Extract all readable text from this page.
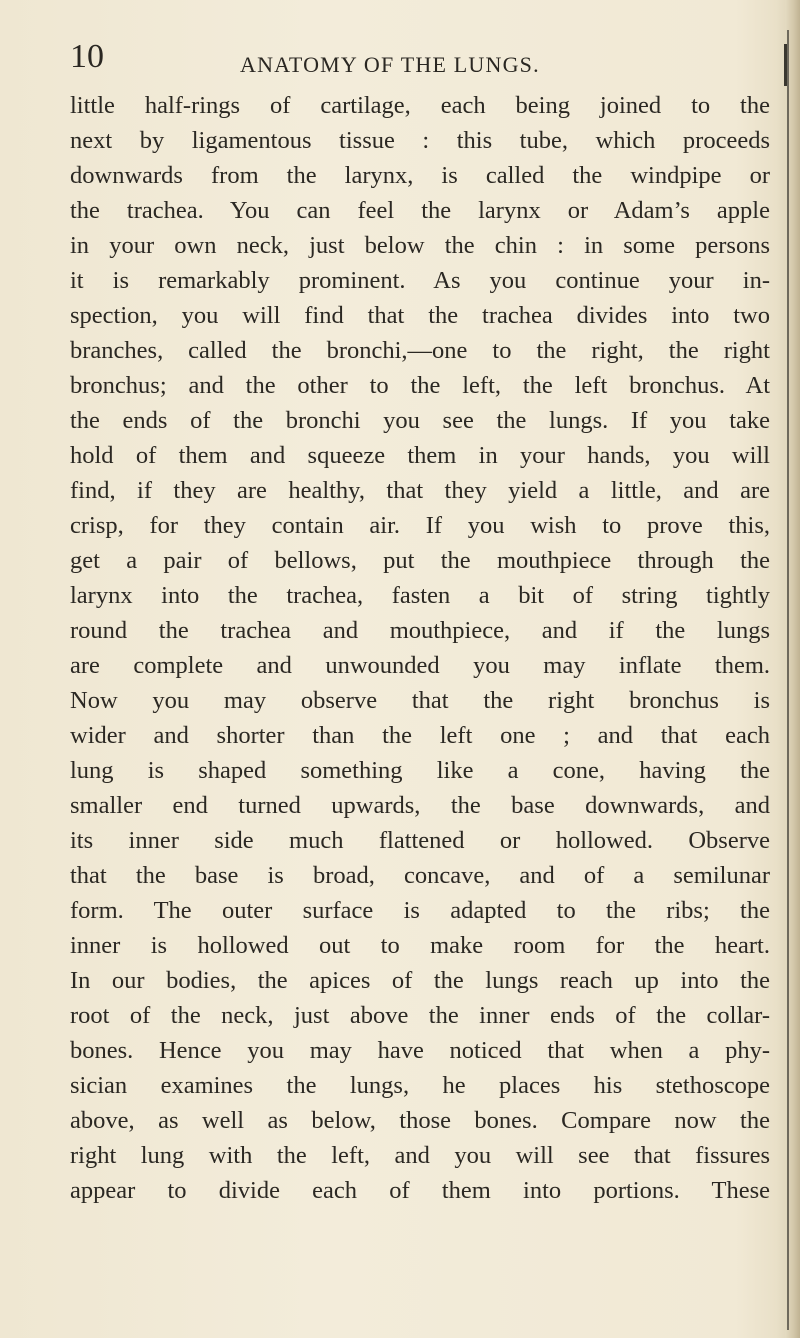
10	ANATOMY OF THE LUNGS.
little half-rings of cartilage, each being joined to the
next by ligamentous tissue : this tube, which proceeds
downwards from the larynx, is called the windpipe or
the trachea. You can feel the larynx or Adam’s apple
in your own neck, just below the chin : in some persons
it is remarkably prominent. As you continue your in-
spection, you will find that the trachea divides into two
branches, called the bronchi,—one to the right, the right
bronchus; and the other to the left, the left bronchus. At
the ends of the bronchi you see the lungs. If you take
hold of them and squeeze them in your hands, you will
find, if they are healthy, that they yield a little, and are
crisp, for they contain air. If you wish to prove this,
get a pair of bellows, put the mouthpiece through the
larynx into the trachea, fasten a bit of string tightly
round the trachea and mouthpiece, and if the lungs
are complete and unwounded you may inflate them.
Now you may observe that the right bronchus is
wider and shorter than the left one ; and that each
lung is shaped something like a cone, having the
smaller end turned upwards, the base downwards, and
its inner side much flattened or hollowed. Observe
that the base is broad, concave, and of a semilunar
form. The outer surface is adapted to the ribs; the
inner is hollowed out to make room for the heart.
In our bodies, the apices of the lungs reach up into the
root of the neck, just above the inner ends of the collar-
bones. Hence you may have noticed that when a phy-
sician examines the lungs, he places his stethoscope
above, as well as below, those bones. Compare now the
right lung with the left, and you will see that fissures
appear to divide each of them into portions. These
